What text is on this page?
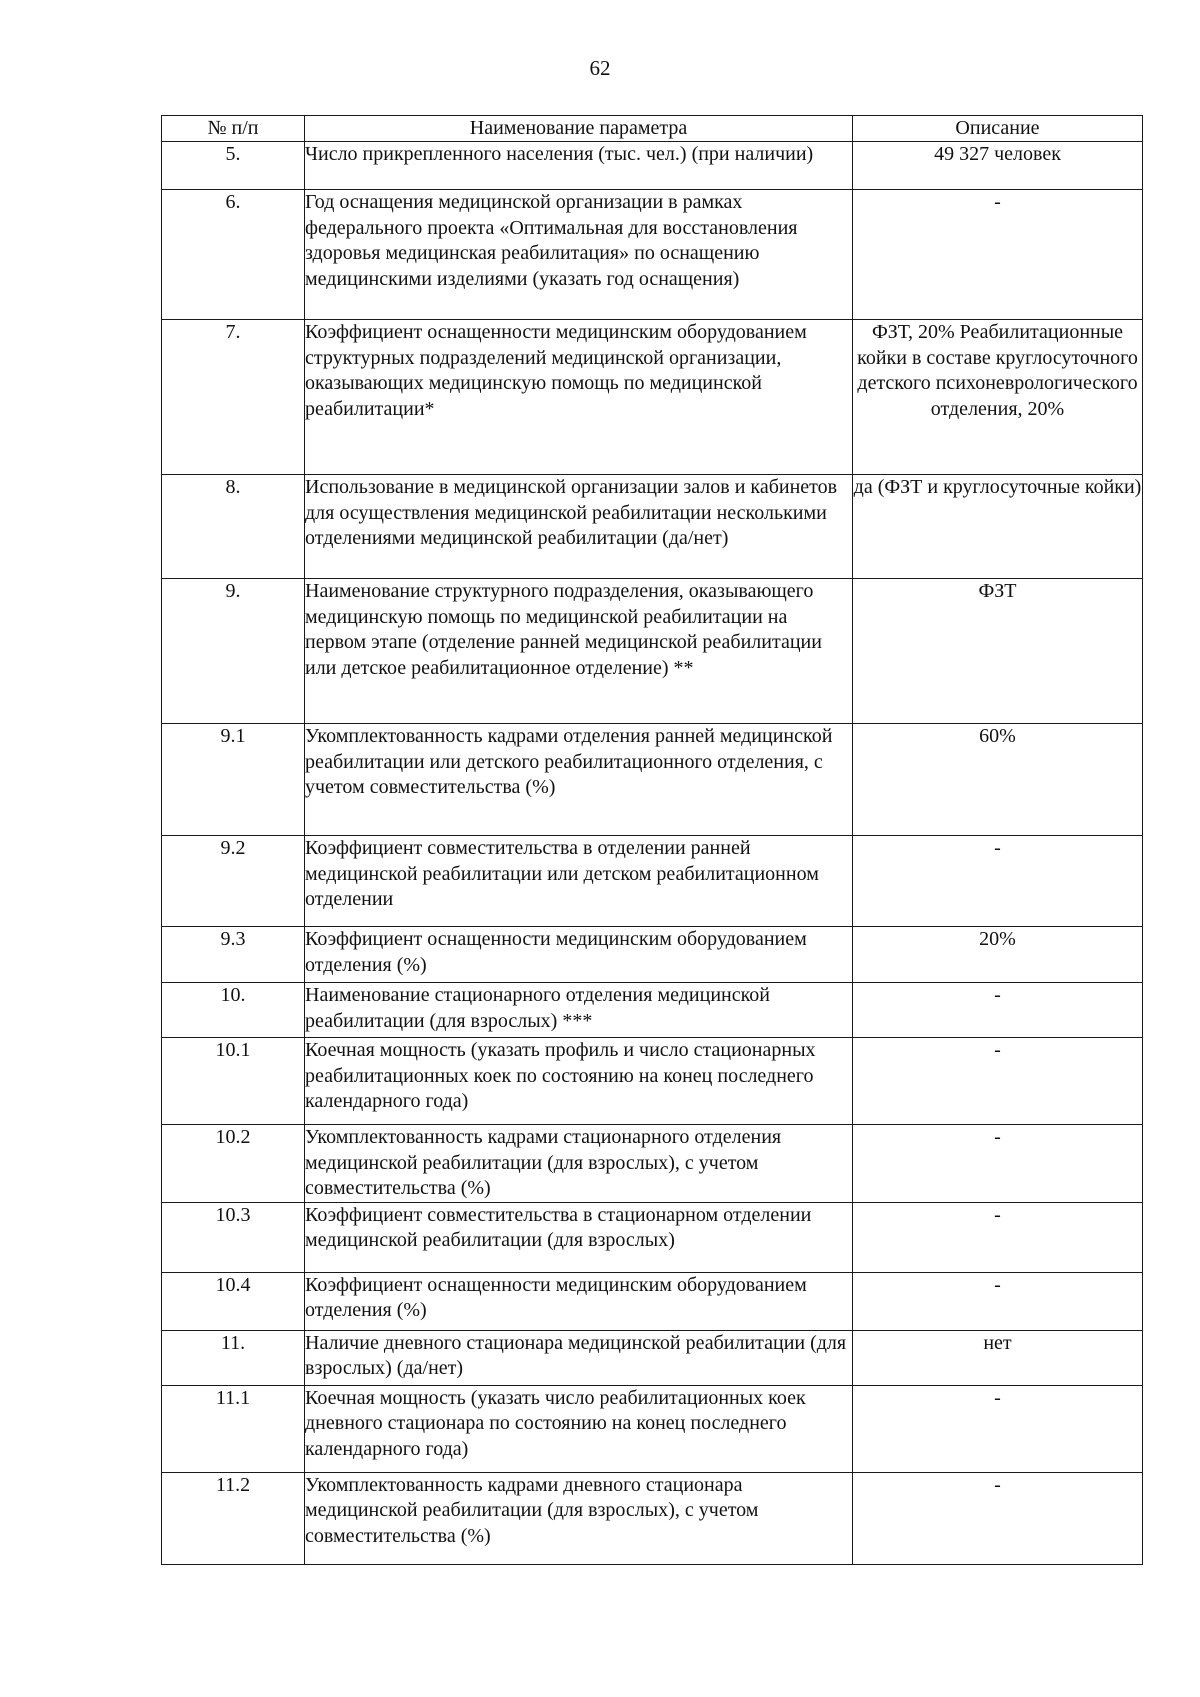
62
№ п/п	Наименование параметра	Описание
5.	Число прикрепленного населения (тыс. чел.) (при наличии)	49 327 человек
6.	Год оснащения медицинской организации в рамках федерального проекта «Оптимальная для восстановления здоровья медицинская реабилитация» по оснащению медицинскими изделиями (указать год оснащения)	-
7.	Коэффициент оснащенности медицинским оборудованием структурных подразделений медицинской организации, оказывающих медицинскую помощь по медицинской реабилитации*	ФЗТ, 20% Реабилитационные койки в составе круглосуточного детского психоневрологического отделения, 20%
8.	Использование в медицинской организации залов и кабинетов для осуществления медицинской реабилитации несколькими отделениями медицинской реабилитации (да/нет)	да (ФЗТ и круглосуточные койки)
9.	Наименование структурного подразделения, оказывающего медицинскую помощь по медицинской реабилитации на первом этапе (отделение ранней медицинской реабилитации или детское реабилитационное отделение) **	ФЗТ
9.1	Укомплектованность кадрами отделения ранней медицинской реабилитации или детского реабилитационного отделения, с учетом совместительства (%)	60%
9.2	Коэффициент совместительства в отделении ранней медицинской реабилитации или детском реабилитационном отделении	-
9.3	Коэффициент оснащенности медицинским оборудованием отделения (%)	20%
10.	Наименование стационарного отделения медицинской реабилитации (для взрослых) ***	-
10.1	Коечная мощность (указать профиль и число стационарных реабилитационных коек по состоянию на конец последнего календарного года)	-
10.2	Укомплектованность кадрами стационарного отделения медицинской реабилитации (для взрослых), с учетом совместительства (%)	-
10.3	Коэффициент совместительства в стационарном отделении медицинской реабилитации (для взрослых)	-
10.4	Коэффициент оснащенности медицинским оборудованием отделения (%)	-
11.	Наличие дневного стационара медицинской реабилитации (для взрослых) (да/нет)	нет
11.1	Коечная мощность (указать число реабилитационных коек дневного стационара по состоянию на конец последнего календарного года)	-
11.2	Укомплектованность кадрами дневного стационара медицинской реабилитации (для взрослых), с учетом совместительства (%)	-
